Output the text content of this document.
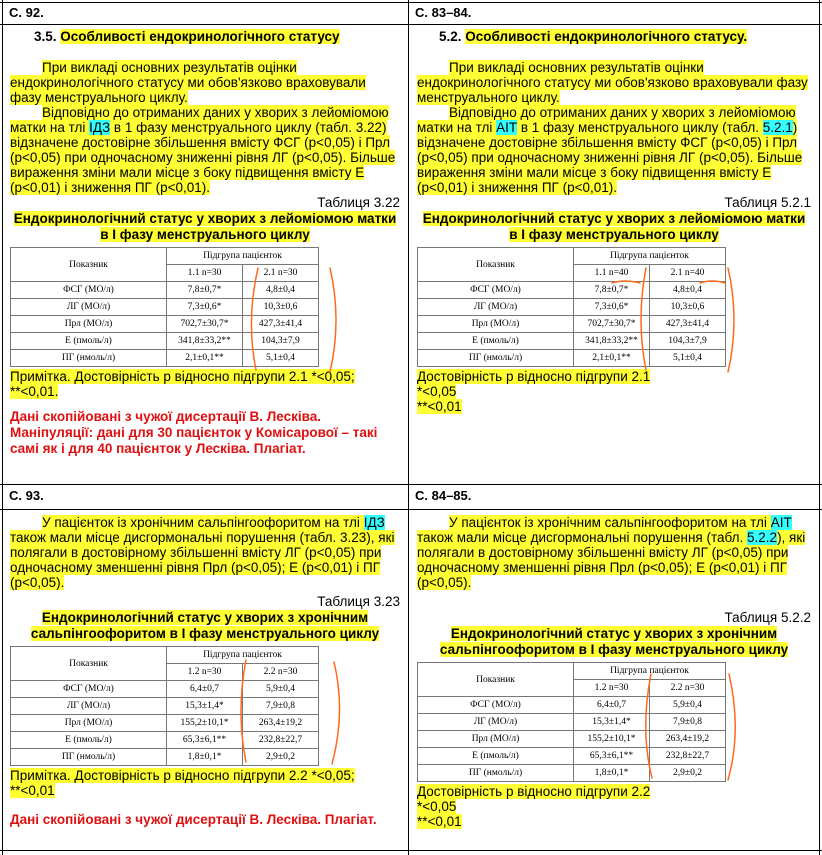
С. 92.
3.5. Особливості ендокринологічного статусу

При викладі основних результатів оцінки ендокринологічного статусу ми обов'язково враховували фазу менструального циклу.

Відповідно до отриманих даних у хворих з лейоміомою матки на тлі ІДЗ в 1 фазу менструального циклу (табл. 3.22) відзначене достовірне збільшення вмісту ФСГ (р<0,05) і Прл (р<0,05) при одночасному зниженні рівня ЛГ (р<0,05). Більше вираження зміни мали місце з боку підвищення вмісту Е (р<0,01) і зниження ПГ (р<0,01).

Таблиця 3.22

Ендокринологічний статус у хворих з лейоміомою матки в І фазу менструального циклу

Показник	Підгрупа пацієнток	
	1.1 n=30	2.1 n=30
ФСГ (МО/л)	7,8±0,7*	4,8±0,4
ЛГ (МО/л)	7,3±0,6*	10,3±0,6
Прл (МО/л)	702,7±30,7*	427,3±41,4
Е (пмоль/л)	341,8±33,2**	104,3±7,9
ПГ (нмоль/л)	2,1±0,1**	5,1±0,4

Примітка. Достовірність р відносно підгрупи 2.1 *<0,05;
**<0,01.

Дані скопійовані з чужої дисертації В. Лесківа. Маніпуляції: дані для 30 пацієнток у Комісарової – такі самі як і для 40 пацієнток у Лесківа. Плагіат.

С. 83–84.
5.2. Особливості ендокринологічного статусу.

При викладі основних результатів оцінки ендокринологічного статусу ми обов'язково враховували фазу менструального циклу.

Відповідно до отриманих даних у хворих з лейоміомою матки на тлі АІТ в 1 фазу менструального циклу (табл. 5.2.1) відзначене достовірне збільшення вмісту ФСГ (р<0,05) і Прл (р<0,05) при одночасному зниженні рівня ЛГ (р<0,05). Більше вираження зміни мали місце з боку підвищення вмісту Е (р<0,01) і зниження ПГ (р<0,01).

Таблиця 5.2.1

Ендокринологічний статус у хворих з лейоміомою матки в І фазу менструального циклу

Показник	Підгрупа пацієнток	
	1.1 n=40	2.1 n=40
ФСГ (МО/л)	7,8±0,7*	4,8±0,4
ЛГ (МО/л)	7,3±0,6*	10,3±0,6
Прл (МО/л)	702,7±30,7*	427,3±41,4
Е (пмоль/л)	341,8±33,2**	104,3±7,9
ПГ (нмоль/л)	2,1±0,1**	5,1±0,4

Достовірність р відносно підгрупи 2.1
*<0,05
**<0,01

С. 93.

У пацієнток із хронічним сальпінгоофоритом на тлі ІДЗ також мали місце дисгормональні порушення (табл. 3.23), які полягали в достовірному збільшенні вмісту ЛГ (р<0,05) при одночасному зменшенні рівня Прл (р<0,05); Е (р<0,01) і ПГ (р<0,05).

Таблиця 3.23

Ендокринологічний статус у хворих з хронічним сальпінгоофоритом в І фазу менструального циклу

Показник	Підгрупа пацієнток	
	1.2 n=30	2.2 n=30
ФСГ (МО/л)	6,4±0,7	5,9±0,4
ЛГ (МО/л)	15,3±1,4*	7,9±0,8
Прл (МО/л)	155,2±10,1*	263,4±19,2
Е (пмоль/л)	65,3±6,1**	232,8±22,7
ПГ (нмоль/л)	1,8±0,1*	2,9±0,2

Примітка. Достовірність р відносно підгрупи 2.2 *<0,05;
**<0,01

Дані скопійовані з чужої дисертації В. Лесківа. Плагіат.

С. 84–85.

У пацієнток із хронічним сальпінгоофоритом на тлі АІТ також мали місце дисгормональні порушення (табл. 5.2.2), які полягали в достовірному збільшенні вмісту ЛГ (р<0,05) при одночасному зменшенні рівня Прл (р<0,05); Е (р<0,01) і ПГ (р<0,05).

Таблиця 5.2.2

Ендокринологічний статус у хворих з хронічним сальпінгоофоритом в І фазу менструального циклу

Показник	Підгрупа пацієнток	
	1.2 n=30	2.2 n=30
ФСГ (МО/л)	6,4±0,7	5,9±0,4
ЛГ (МО/л)	15,3±1,4*	7,9±0,8
Прл (МО/л)	155,2±10,1*	263,4±19,2
Е (пмоль/л)	65,3±6,1**	232,8±22,7
ПГ (нмоль/л)	1,8±0,1*	2,9±0,2

Достовірність р відносно підгрупи 2.2
*<0,05
**<0,01
